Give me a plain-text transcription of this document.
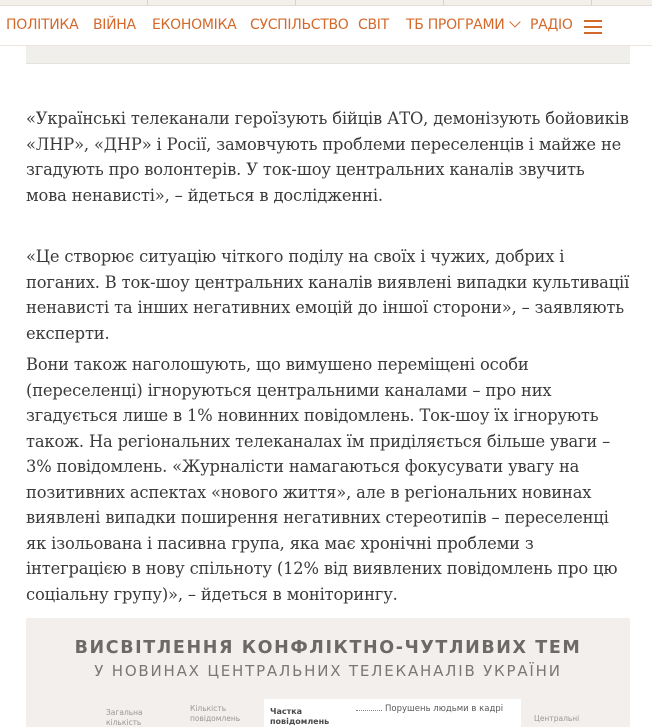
ПОЛІТИКА ВІЙНА ЕКОНОМІКА СУСПІЛЬСТВО СВІТ ТБ ПРОГРАМИ	РАДІО

«Українські телеканали героїзують бійців АТО, демонізують бойовиків «ЛНР», «ДНР» і Росії, замовчують проблеми переселенців і майже не згадують про волонтерів. У ток-шоу центральних каналів звучить мова ненависті», – йдеться в дослідженні.

«Це створює ситуацію чіткого поділу на своїх і чужих, добрих і поганих. В ток-шоу центральних каналів виявлені випадки культивації ненависті та інших негативних емоцій до іншої сторони», – заявляють експерти.

Вони також наголошують, що вимушено переміщені особи (переселенці) ігноруються центральними каналами – про них згадується лише в 1% новинних повідомлень. Ток-шоу їх ігнорують також. На регіональних телеканалах їм приділяється більше уваги – 3% повідомлень. «Журналісти намагаються фокусувати увагу на позитивних аспектах «нового життя», але в регіональних новинах виявлені випадки поширення негативних стереотипів – переселенці як ізольована і пасивна група, яка має хронічні проблеми з інтеграцією в нову спільноту (12% від виявлених повідомлень про цю соціальну групу)», – йдеться в моніторингу.

ВИСВІТЛЕННЯ КОНФЛІКТНО-ЧУТЛИВИХ ТЕМ
У НОВИНАХ ЦЕНТРАЛЬНИХ ТЕЛЕКАНАЛІВ УКРАЇНИ
Загальна кількість
Кількість повідомлень
Частка повідомлень
Порушень людьми в кадрі
Центральні
